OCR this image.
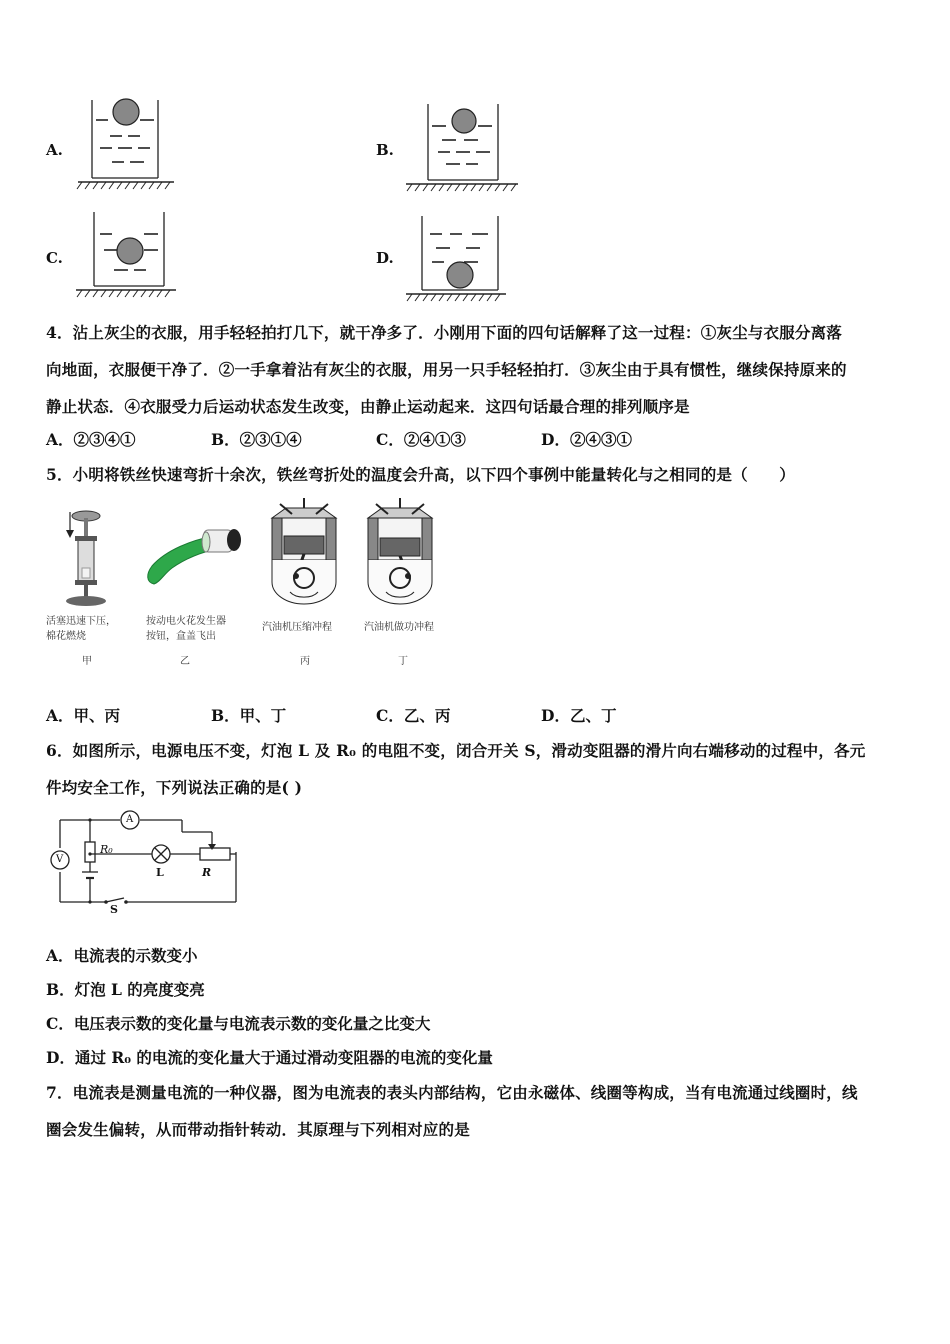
A.	B.
C.	D.
4．沾上灰尘的衣服，用手轻轻拍打几下，就干净多了．小刚用下面的四句话解释了这一过程：①灰尘与衣服分离落
向地面，衣服便干净了．②一手拿着沾有灰尘的衣服，用另一只手轻轻拍打．③灰尘由于具有惯性，继续保持原来的
静止状态．④衣服受力后运动状态发生改变，由静止运动起来．这四句话最合理的排列顺序是
A．②③④①	B．②③①④	C．②④①③	D．②④③①
5．小明将铁丝快速弯折十余次，铁丝弯折处的温度会升高，以下四个事例中能量转化与之相同的是（　　）
活塞迅速下压，
棉花燃烧
甲
按动电火花发生器
按钮，盒盖飞出
乙
汽油机压缩冲程
丙
汽油机做功冲程
丁
A．甲、丙	B．甲、丁	C．乙、丙	D．乙、丁
6．如图所示，电源电压不变，灯泡 L 及 R₀ 的电阻不变，闭合开关 S，滑动变阻器的滑片向右端移动的过程中，各元
件均安全工作，下列说法正确的是( )
A
V
R₀
L	R
S
A．电流表的示数变小
B．灯泡 L 的亮度变亮
C．电压表示数的变化量与电流表示数的变化量之比变大
D．通过 R₀ 的电流的变化量大于通过滑动变阻器的电流的变化量
7．电流表是测量电流的一种仪器，图为电流表的表头内部结构，它由永磁体、线圈等构成，当有电流通过线圈时，线
圈会发生偏转，从而带动指针转动．其原理与下列相对应的是
